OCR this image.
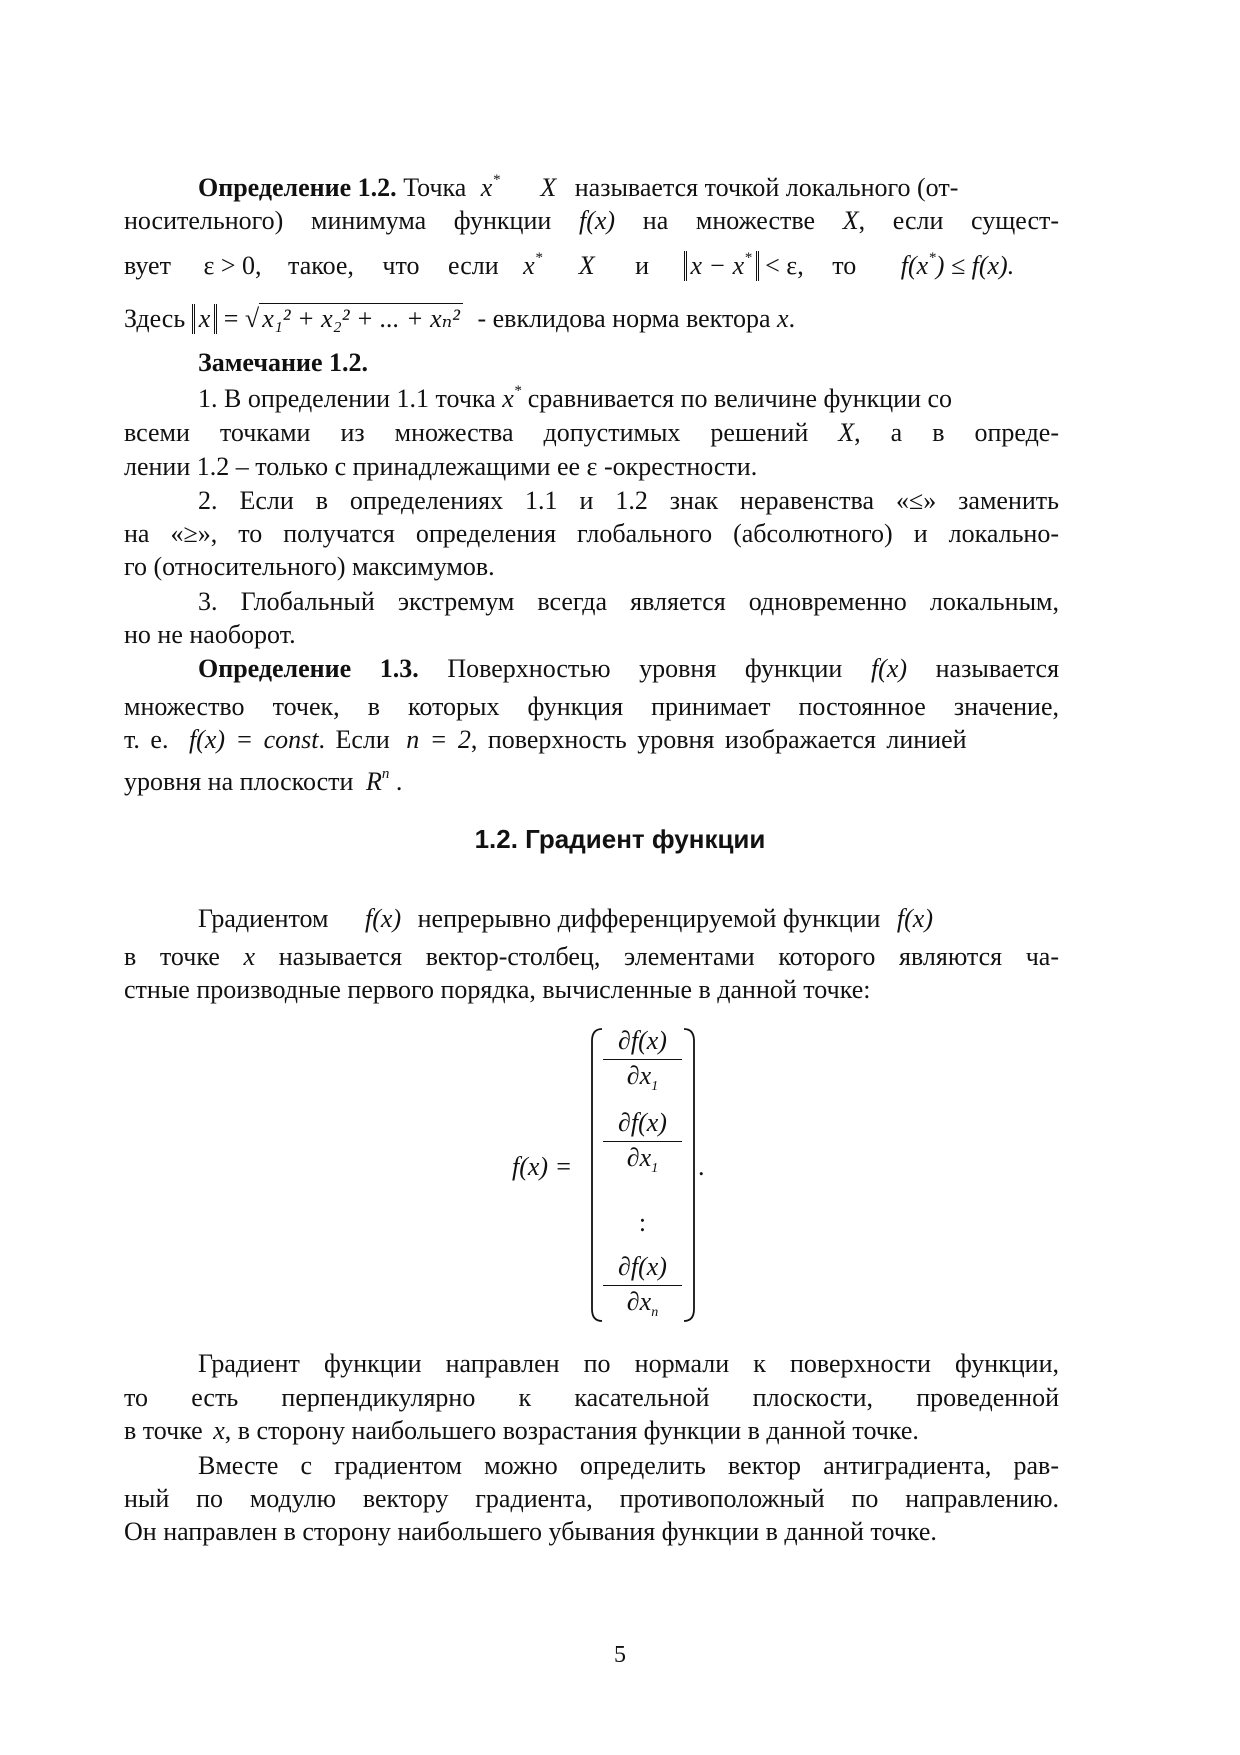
Определение 1.2. Точка x* X называется точкой локального (от-
носительного) минимума функции f(x) на множестве X, если сущест-
вует ε > 0, такое, что если x* X и x − x* < ε, то f(x*) ≤ f(x).
Здесь x = √ x₁² + x₂² + ... + xₙ² - евклидова норма вектора x.
Замечание 1.2.
1. В определении 1.1 точка x* сравнивается по величине функции со
всеми точками из множества допустимых решений X, а в опреде-
лении 1.2 – только с принадлежащими ее ε -окрестности.
2. Если в определениях 1.1 и 1.2 знак неравенства «≤» заменить
на «≥», то получатся определения глобального (абсолютного) и локально-
го (относительного) максимумов.
3. Глобальный экстремум всегда является одновременно локальным,
но не наоборот.
Определение 1.3. Поверхностью уровня функции f(x) называется
множество точек, в которых функция принимает постоянное значение,
т. е. f(x) = const. Если n = 2, поверхность уровня изображается линией
уровня на плоскости $R^n$ .
1.2. Градиент функции
Градиентом f(x) непрерывно дифференцируемой функции f(x)
в точке x называется вектор-столбец, элементами которого являются ча-
стные производные первого порядка, вычисленные в данной точке:
f(x) =
∂f(x)
$\partial x_1$
∂f(x)
$\partial x_1$
:
∂f(x)
$\partial x_n$
.
Градиент функции направлен по нормали к поверхности функции,
то есть перпендикулярно к касательной плоскости, проведенной
в точке x, в сторону наибольшего возрастания функции в данной точке.
Вместе с градиентом можно определить вектор антиградиента, рав-
ный по модулю вектору градиента, противоположный по направлению.
Он направлен в сторону наибольшего убывания функции в данной точке.
5
